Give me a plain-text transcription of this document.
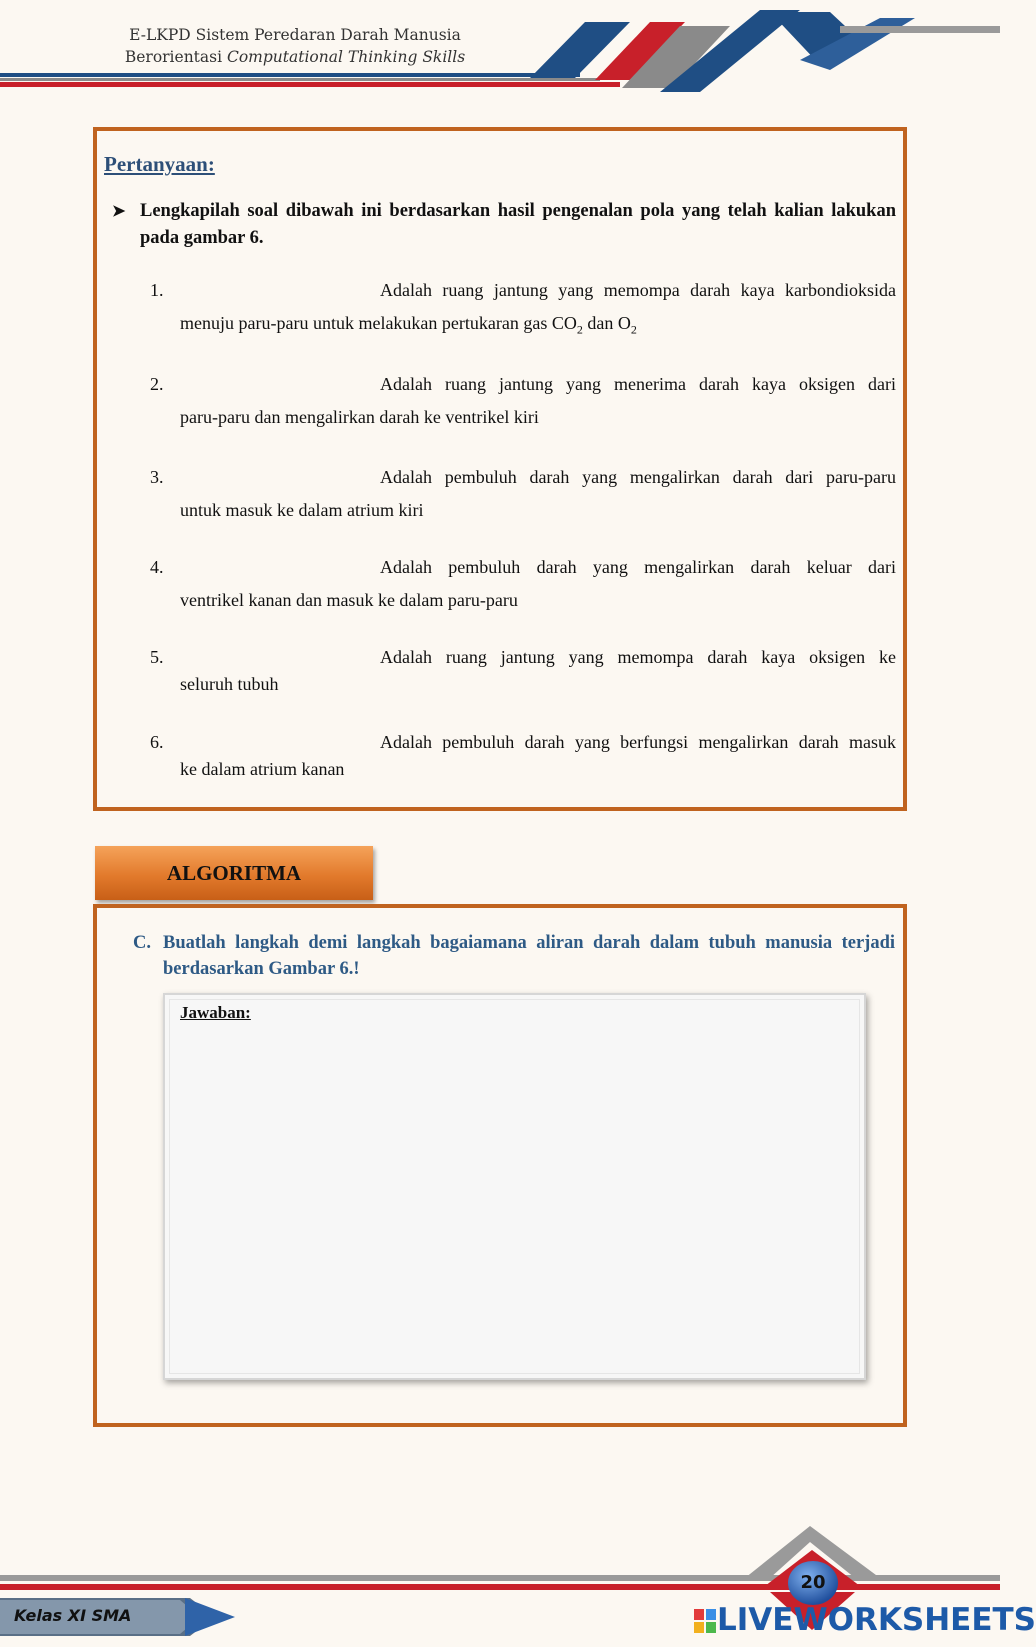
E-LKPD Sistem Peredaran Darah Manusia
Berorientasi Computational Thinking Skills
Pertanyaan:
➤ Lengkapilah soal dibawah ini berdasarkan hasil pengenalan pola yang telah kalian lakukan pada gambar 6.
1.	Adalah ruang jantung yang memompa darah kaya karbondioksida
menuju paru-paru untuk melakukan pertukaran gas $CO_2$ dan $O_2$
2.	Adalah ruang jantung yang menerima darah kaya oksigen dari
paru-paru dan mengalirkan darah ke ventrikel kiri
3.	Adalah pembuluh darah yang mengalirkan darah dari paru-paru
untuk masuk ke dalam atrium kiri
4.	Adalah pembuluh darah yang mengalirkan darah keluar dari
ventrikel kanan dan masuk ke dalam paru-paru
5.	Adalah ruang jantung yang memompa darah kaya oksigen ke
seluruh tubuh
6.	Adalah pembuluh darah yang berfungsi mengalirkan darah masuk
ke dalam atrium kanan
ALGORITMA
C. Buatlah langkah demi langkah bagaiamana aliran darah dalam tubuh manusia terjadi berdasarkan Gambar 6.!
Jawaban:
20
Kelas XI SMA	LIVEWORKSHEETS
